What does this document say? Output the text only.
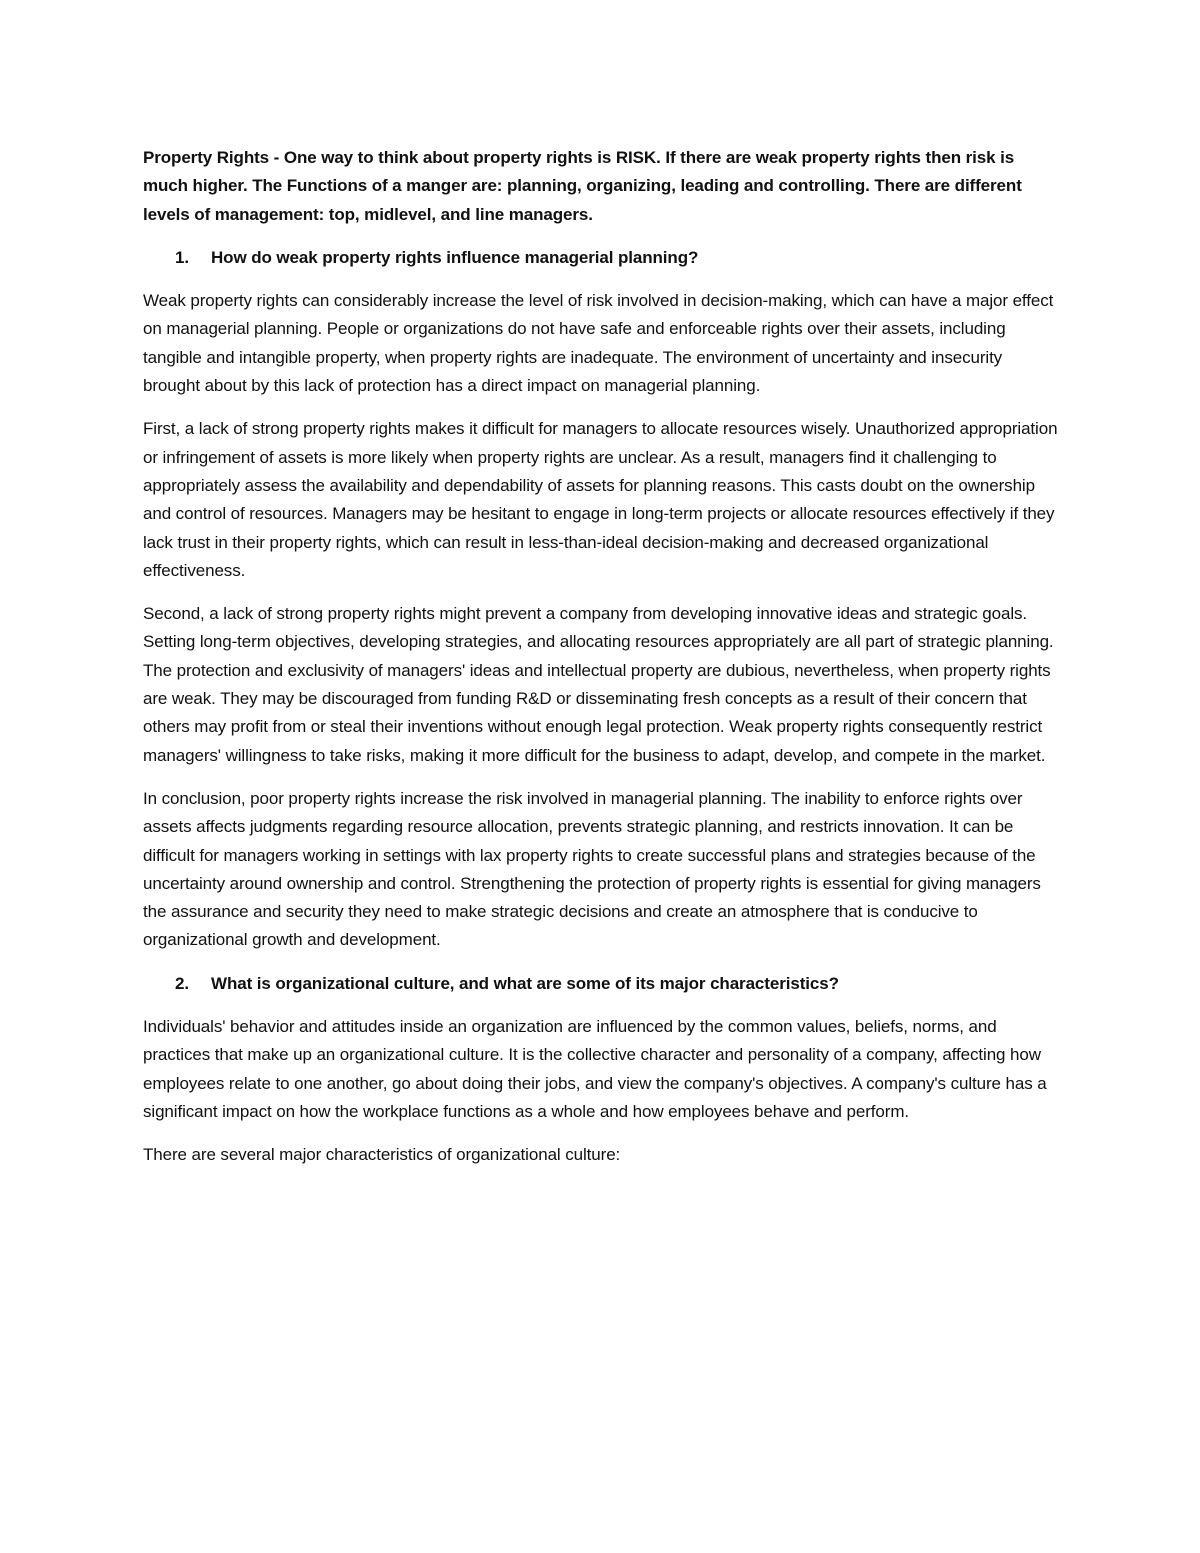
Property Rights - One way to think about property rights is RISK. If there are weak property rights then risk is much higher. The Functions of a manger are: planning, organizing, leading and controlling. There are different levels of management: top, midlevel, and line managers.

1.	How do weak property rights influence managerial planning?

Weak property rights can considerably increase the level of risk involved in decision-making, which can have a major effect on managerial planning. People or organizations do not have safe and enforceable rights over their assets, including tangible and intangible property, when property rights are inadequate. The environment of uncertainty and insecurity brought about by this lack of protection has a direct impact on managerial planning.

First, a lack of strong property rights makes it difficult for managers to allocate resources wisely. Unauthorized appropriation or infringement of assets is more likely when property rights are unclear. As a result, managers find it challenging to appropriately assess the availability and dependability of assets for planning reasons. This casts doubt on the ownership and control of resources. Managers may be hesitant to engage in long-term projects or allocate resources effectively if they lack trust in their property rights, which can result in less-than-ideal decision-making and decreased organizational effectiveness.

Second, a lack of strong property rights might prevent a company from developing innovative ideas and strategic goals. Setting long-term objectives, developing strategies, and allocating resources appropriately are all part of strategic planning. The protection and exclusivity of managers' ideas and intellectual property are dubious, nevertheless, when property rights are weak. They may be discouraged from funding R&D or disseminating fresh concepts as a result of their concern that others may profit from or steal their inventions without enough legal protection. Weak property rights consequently restrict managers' willingness to take risks, making it more difficult for the business to adapt, develop, and compete in the market.

In conclusion, poor property rights increase the risk involved in managerial planning. The inability to enforce rights over assets affects judgments regarding resource allocation, prevents strategic planning, and restricts innovation. It can be difficult for managers working in settings with lax property rights to create successful plans and strategies because of the uncertainty around ownership and control. Strengthening the protection of property rights is essential for giving managers the assurance and security they need to make strategic decisions and create an atmosphere that is conducive to organizational growth and development.

2.	What is organizational culture, and what are some of its major characteristics?

Individuals' behavior and attitudes inside an organization are influenced by the common values, beliefs, norms, and practices that make up an organizational culture. It is the collective character and personality of a company, affecting how employees relate to one another, go about doing their jobs, and view the company's objectives. A company's culture has a significant impact on how the workplace functions as a whole and how employees behave and perform.

There are several major characteristics of organizational culture:
